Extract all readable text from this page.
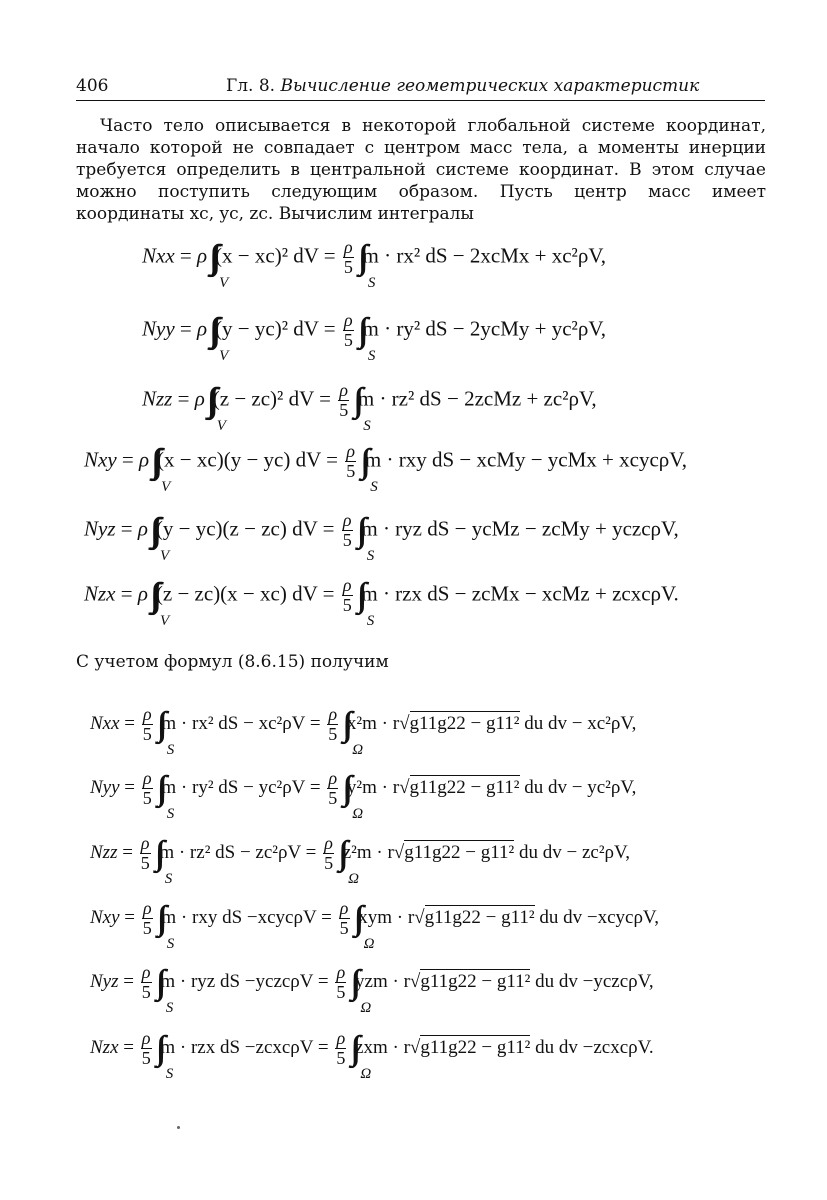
406	Гл. 8. Вычисление геометрических характеристик

Часто тело описывается в некоторой глобальной системе координат, начало которой не совпадает с центром масс тела, а моменты инерции требуется определить в центральной системе координат. В этом случае можно поступить следующим образом. Пусть центр масс имеет координаты xc, yc, zc. Вычислим интегралы

Nxx = ρ∫∫∫
V
(x − xc)² dV = $\frac{\rho}{5}$ ∫∫
S
m · rx² dS − 2xcMx + xc²ρV,
Nyy = ρ∫∫∫
V
(y − yc)² dV = $\frac{\rho}{5}$ ∫∫
S
m · ry² dS − 2ycMy + yc²ρV,
Nzz = ρ∫∫∫
V
(z − zc)² dV = $\frac{\rho}{5}$ ∫∫
S
m · rz² dS − 2zcMz + zc²ρV,
Nxy = ρ∫∫∫
V
(x − xc)(y − yc) dV = $\frac{\rho}{5}$ ∫∫
S
m · rxy dS − xcMy − ycMx + xcycρV,
Nyz = ρ∫∫∫
V
(y − yc)(z − zc) dV = $\frac{\rho}{5}$ ∫∫
S
m · ryz dS − ycMz − zcMy + yczcρV,
Nzx = ρ∫∫∫
V
(z − zc)(x − xc) dV = $\frac{\rho}{5}$ ∫∫
S
m · rzx dS − zcMx − xcMz + zcxcρV.

С учетом формул (8.6.15) получим

Nxx = $\frac{\rho}{5}$ ∫∫
S
m · rx² dS − $xc^2\rho V = \frac{\rho}{5}$ ∫∫
Ω
x²m · r√g11g22 − g11² du dv − xc²ρV,
Nyy = $\frac{\rho}{5}$ ∫∫
S
m · ry² dS − $yc^2\rho V = \frac{\rho}{5}$ ∫∫
Ω
y²m · r√g11g22 − g11² du dv − yc²ρV,
Nzz = $\frac{\rho}{5}$ ∫∫
S
m · rz² dS − $zc^2\rho V = \frac{\rho}{5}$ ∫∫
Ω
z²m · r√g11g22 − g11² du dv − zc²ρV,
Nxy = $\frac{\rho}{5}$ ∫∫
S
m · rxy dS −xcycρV = $\frac{\rho}{5}$ ∫∫
Ω
xym · r√g11g22 − g11² du dv −xcycρV,
Nyz = $\frac{\rho}{5}$ ∫∫
S
m · ryz dS −yczcρV = $\frac{\rho}{5}$ ∫∫
Ω
yzm · r√g11g22 − g11² du dv −yczcρV,
Nzx = $\frac{\rho}{5}$ ∫∫
S
m · rzx dS −zcxcρV = $\frac{\rho}{5}$ ∫∫
Ω
zxm · r√g11g22 − g11² du dv −zcxcρV.
